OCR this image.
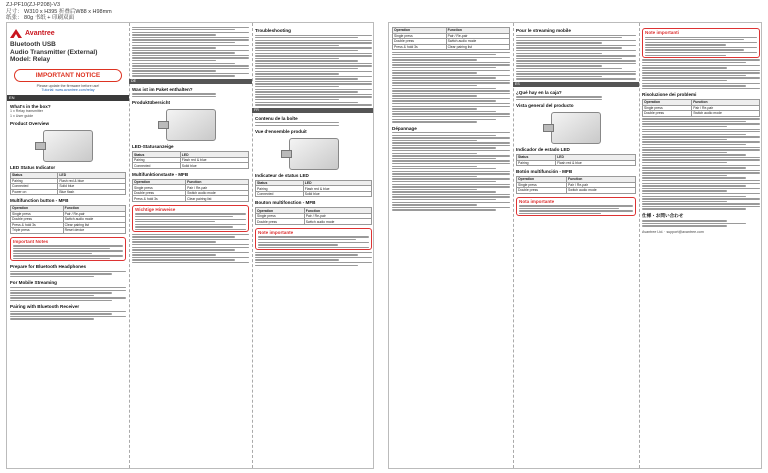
ZJ-PF10(ZJ-P208)-V3
尺寸： W310 x H395 折叠后W88 x H98mm
纸张： 80g 书纸 + 印刷双面
Avantree
Bluetooth USB
Audio Transmitter (External)
Model: Relay
IMPORTANT NOTICE
Please update the firmware before use!
Tutorial: www.avantree.com/relay
EN
What's in the box?
1 x Relay transmitter
1 x User guide
Product Overview
LED Status Indicator
Status	LED
Pairing	Flash red & blue
Connected	Solid blue
Power on	Blue flash
Multifunction button - MFB
Operation	Function
Single press	Pair / Re-pair
Double press	Switch audio mode
Press & hold 3s	Clear pairing list
Triple press	Reset device
Important Notes
Prepare for Bluetooth Headphones
For Mobile Streaming
Pairing with Bluetooth Receiver
DE
Was ist im Paket enthalten?
Produktübersicht
LED-Statusanzeige
Status	LED
Pairing	Flash red & blue
Connected	Solid blue
Multifunktionstaste - MFB
Operation	Function
Single press	Pair / Re-pair
Double press	Switch audio mode
Press & hold 3s	Clear pairing list
Wichtige Hinweise
Troubleshooting
FR
Contenu de la boîte
Vue d'ensemble produit
Indicateur de status LED
Status	LED
Pairing	Flash red & blue
Connected	Solid blue
Bouton multifonction - MFB
Operation	Function
Single press	Pair / Re-pair
Double press	Switch audio mode
Note importante
Operation	Function
Single press	Pair / Re-pair
Double press	Switch audio mode
Press & hold 3s	Clear pairing list
Dépannage
Pour le streaming mobile
ES
¿Qué hay en la caja?
Vista general del producto
Indicador de estado LED
Status	LED
Pairing	Flash red & blue
Botón multifunción - MFB
Operation	Function
Single press	Pair / Re-pair
Double press	Switch audio mode
Nota importante
Note importanti
Risoluzione dei problemi
Operation	Function
Single press	Pair / Re-pair
Double press	Switch audio mode
仕様・お問い合わせ
Avantree Ltd. · support@avantree.com
